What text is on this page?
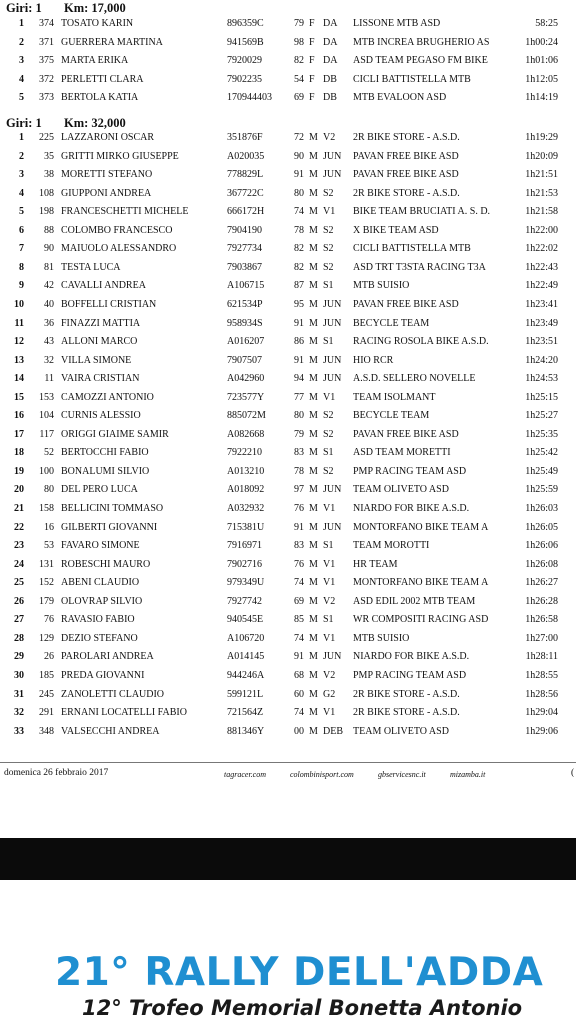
Giri: 1 Km: 17,000
1	374 TOSATO KARIN	896359C	79 F DA LISSONE MTB ASD	58:25
2	371 GUERRERA MARTINA	941569B	98 F DA MTB INCREA BRUGHERIO AS	1h00:24
3	375 MARTA ERIKA	7920029	82 F DA ASD TEAM PEGASO FM BIKE	1h01:06
4	372 PERLETTI CLARA	7902235	54 F DB CICLI BATTISTELLA MTB	1h12:05
5	373 BERTOLA KATIA	170944403	69 F DB MTB EVALOON ASD	1h14:19
Giri: 1 Km: 32,000
1	225 LAZZARONI OSCAR	351876F	72 M V2 2R BIKE STORE - A.S.D.	1h19:29
2	35 GRITTI MIRKO GIUSEPPE	A020035	90 M JUN PAVAN FREE BIKE ASD	1h20:09
3	38 MORETTI STEFANO	778829L	91 M JUN PAVAN FREE BIKE ASD	1h21:51
4	108 GIUPPONI ANDREA	367722C	80 M S2 2R BIKE STORE - A.S.D.	1h21:53
5	198 FRANCESCHETTI MICHELE	666172H	74 M V1 BIKE TEAM BRUCIATI A. S. D.	1h21:58
6	88 COLOMBO FRANCESCO	7904190	78 M S2 X BIKE TEAM ASD	1h22:00
7	90 MAIUOLO ALESSANDRO	7927734	82 M S2 CICLI BATTISTELLA MTB	1h22:02
8	81 TESTA LUCA	7903867	82 M S2 ASD TRT T3STA RACING T3A	1h22:43
9	42 CAVALLI ANDREA	A106715	87 M S1 MTB SUISIO	1h22:49
10	40 BOFFELLI CRISTIAN	621534P	95 M JUN PAVAN FREE BIKE ASD	1h23:41
11	36 FINAZZI MATTIA	958934S	91 M JUN BECYCLE TEAM	1h23:49
12	43 ALLONI MARCO	A016207	86 M S1 RACING ROSOLA BIKE A.S.D.	1h23:51
13	32 VILLA SIMONE	7907507	91 M JUN HIO RCR	1h24:20
14	11 VAIRA CRISTIAN	A042960	94 M JUN A.S.D. SELLERO NOVELLE	1h24:53
15	153 CAMOZZI ANTONIO	723577Y	77 M V1 TEAM ISOLMANT	1h25:15
16	104 CURNIS ALESSIO	885072M	80 M S2 BECYCLE TEAM	1h25:27
17	117 ORIGGI GIAIME SAMIR	A082668	79 M S2 PAVAN FREE BIKE ASD	1h25:35
18	52 BERTOCCHI FABIO	7922210	83 M S1 ASD TEAM MORETTI	1h25:42
19	100 BONALUMI SILVIO	A013210	78 M S2 PMP RACING TEAM ASD	1h25:49
20	80 DEL PERO LUCA	A018092	97 M JUN TEAM OLIVETO ASD	1h25:59
21	158 BELLICINI TOMMASO	A032932	76 M V1 NIARDO FOR BIKE A.S.D.	1h26:03
22	16 GILBERTI GIOVANNI	715381U	91 M JUN MONTORFANO BIKE TEAM A	1h26:05
23	53 FAVARO SIMONE	7916971	83 M S1 TEAM MOROTTI	1h26:06
24	131 ROBESCHI MAURO	7902716	76 M V1 HR TEAM	1h26:08
25	152 ABENI CLAUDIO	979349U	74 M V1 MONTORFANO BIKE TEAM A	1h26:27
26	179 OLOVRAP SILVIO	7927742	69 M V2 ASD EDIL 2002 MTB TEAM	1h26:28
27	76 RAVASIO FABIO	940545E	85 M S1 WR COMPOSITI RACING ASD	1h26:58
28	129 DEZIO STEFANO	A106720	74 M V1 MTB SUISIO	1h27:00
29	26 PAROLARI ANDREA	A014145	91 M JUN NIARDO FOR BIKE A.S.D.	1h28:11
30	185 PREDA GIOVANNI	944246A	68 M V2 PMP RACING TEAM ASD	1h28:55
31	245 ZANOLETTI CLAUDIO	599121L	60 M G2 2R BIKE STORE - A.S.D.	1h28:56
32	291 ERNANI LOCATELLI FABIO	721564Z	74 M V1 2R BIKE STORE - A.S.D.	1h29:04
33	348 VALSECCHI ANDREA	881346Y	00 M DEB TEAM OLIVETO ASD	1h29:06
domenica 26 febbraio 2017	tagracer.com	colombinisport.com	gbservicesnc.it	mizamba.it	(
21° RALLY DELL'ADDA
12° Trofeo Memorial Bonetta Antonio
